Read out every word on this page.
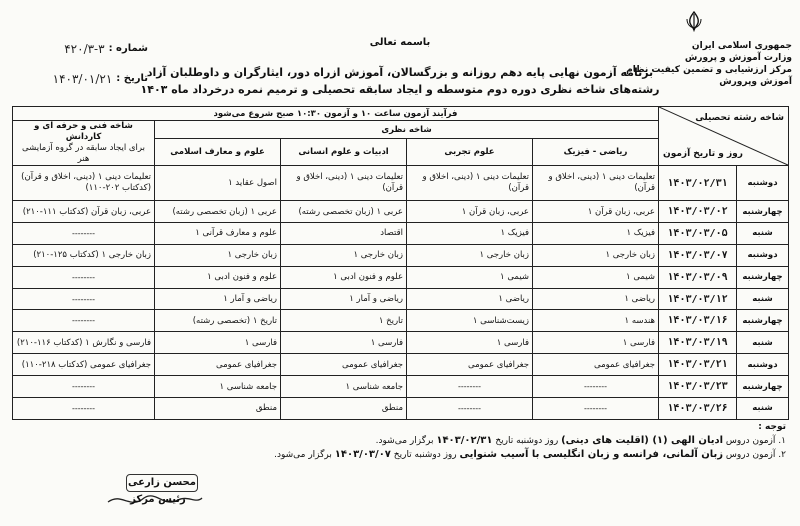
جمهوری اسلامی ایران
وزارت آموزش و پرورش
مرکز ارزشیابی و تضمین کیفیت نظام آموزش وپرورش
باسمه تعالی
شماره :
۴۲۰/۳-۳
تاریخ :
۱۴۰۳/۰۱/۲۱	برنامه آزمون نهایی پایه دهم روزانه و بزرگسالان، آموزش ازراه دور، ایثارگران و داوطلبان آزاد
رشته‌های شاخه نظری دوره دوم متوسطه و ایجاد سابقه تحصیلی و ترمیم نمره درخرداد ماه ۱۴۰۳
شاخه رشته تحصیلی
روز و تاریخ آزمون		فرآیند آزمون ساعت ۱۰ و آزمون ۱۰:۳۰ صبح شروع می‌شود				
		شاخه نظری				شاخه فنی و حرفه ای و کاردانش
برای ایجاد سابقه در گروه آزمایشی هنر

		ریاضی - فیزیک	علوم تجربی	ادبیات و علوم انسانی	علوم و معارف اسلامی	
دوشنبه	۱۴۰۳/۰۲/۳۱	تعلیمات دینی ۱ (دینی، اخلاق و قرآن)	تعلیمات دینی ۱ (دینی، اخلاق و قرآن)	تعلیمات دینی ۱ (دینی، اخلاق و قرآن)	اصول عقاید ۱	تعلیمات دینی ۱ (دینی، اخلاق و قرآن) (کدکتاب ۲۰۲-۱۱۰)
چهارشنبه	۱۴۰۳/۰۳/۰۲	عربی، زبان قرآن ۱	عربی، زبان قرآن ۱	عربی ۱ (زبان تخصصی رشته)	عربی ۱ (زبان تخصصی رشته)	عربی، زبان قرآن (کدکتاب ۱۱۱-۲۱۰)
شنبه	۱۴۰۳/۰۳/۰۵	فیزیک ۱	فیزیک ۱	اقتصاد	علوم و معارف قرآنی ۱	--------
دوشنبه	۱۴۰۳/۰۳/۰۷	زبان خارجی ۱	زبان خارجی ۱	زبان خارجی ۱	زبان خارجی ۱	زبان خارجی ۱ (کدکتاب ۱۲۵-۲۱۰)
چهارشنبه	۱۴۰۳/۰۳/۰۹	شیمی ۱	شیمی ۱	علوم و فنون ادبی ۱	علوم و فنون ادبی ۱	--------
شنبه	۱۴۰۳/۰۳/۱۲	ریاضی ۱	ریاضی ۱	ریاضی و آمار ۱	ریاضی و آمار ۱	--------
چهارشنبه	۱۴۰۳/۰۳/۱۶	هندسه ۱	زیست‌شناسی ۱	تاریخ ۱	تاریخ ۱ (تخصصی رشته)	--------
شنبه	۱۴۰۳/۰۳/۱۹	فارسی ۱	فارسی ۱	فارسی ۱	فارسی ۱	فارسی و نگارش ۱ (کدکتاب ۱۱۶-۲۱۰)
دوشنبه	۱۴۰۳/۰۳/۲۱	جغرافیای عمومی	جغرافیای عمومی	جغرافیای عمومی	جغرافیای عمومی	جغرافیای عمومی (کدکتاب ۲۱۸-۱۱۰)
چهارشنبه	۱۴۰۳/۰۳/۲۳	--------	--------	جامعه شناسی ۱	جامعه شناسی ۱	--------
شنبه	۱۴۰۳/۰۳/۲۶	--------	--------	منطق	منطق	--------
توجه :
۱. آزمون دروس ادیان الهی (۱) (اقلیت های دینی) روز دوشنبه تاریخ ۱۴۰۳/۰۲/۳۱ برگزار می‌شود.
۲. آزمون دروس زبان آلمانی، فرانسه و زبان انگلیسی با آسیب شنوایی روز دوشنبه تاریخ ۱۴۰۳/۰۳/۰۷ برگزار می‌شود.
محسن زارعی
رئیس مرکز
